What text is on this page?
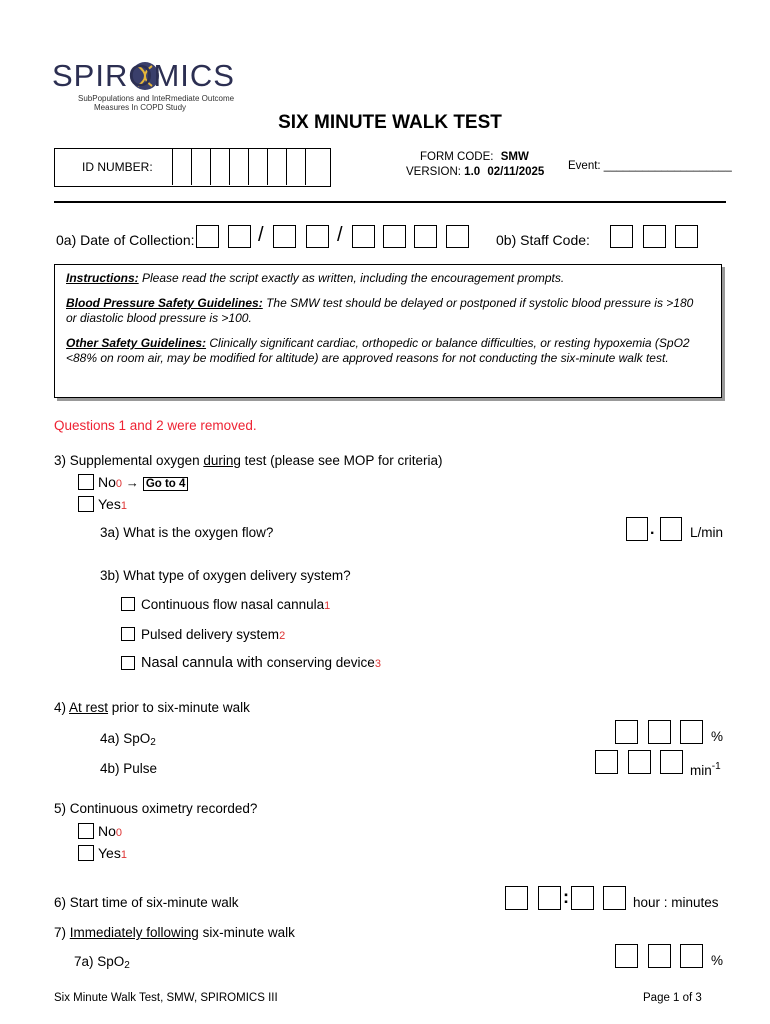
SPIROMICS
SubPopulations and InteRmediate Outcome
Measures In COPD Study
SIX MINUTE WALK TEST
ID NUMBER:
FORM CODE: SMW
VERSION: 1.0 02/11/2025 Event: ____________________
0a) Date of Collection:	/	/	0b) Staff Code:
Instructions: Please read the script exactly as written, including the encouragement prompts.
Blood Pressure Safety Guidelines: The SMW test should be delayed or postponed if systolic blood pressure is >180 or diastolic blood pressure is >100.
Other Safety Guidelines: Clinically significant cardiac, orthopedic or balance difficulties, or resting hypoxemia (SpO2 <88% on room air, may be modified for altitude) are approved reasons for not conducting the six-minute walk test.
Questions 1 and 2 were removed.
3) Supplemental oxygen during test (please see MOP for criteria)
No0 → Go to 4
Yes1
3a) What is the oxygen flow?	.	L/min
3b) What type of oxygen delivery system?
Continuous flow nasal cannula1
Pulsed delivery system2
Nasal cannula with conserving device3
4) At rest prior to six-minute walk
4a) SpO2	%
4b) Pulse	$\min^{-1}$
5) Continuous oximetry recorded?
No0
Yes1
6) Start time of six-minute walk	:	hour : minutes
7) Immediately following six-minute walk
7a) SpO2	%
Six Minute Walk Test, SMW, SPIROMICS III	Page 1 of 3
